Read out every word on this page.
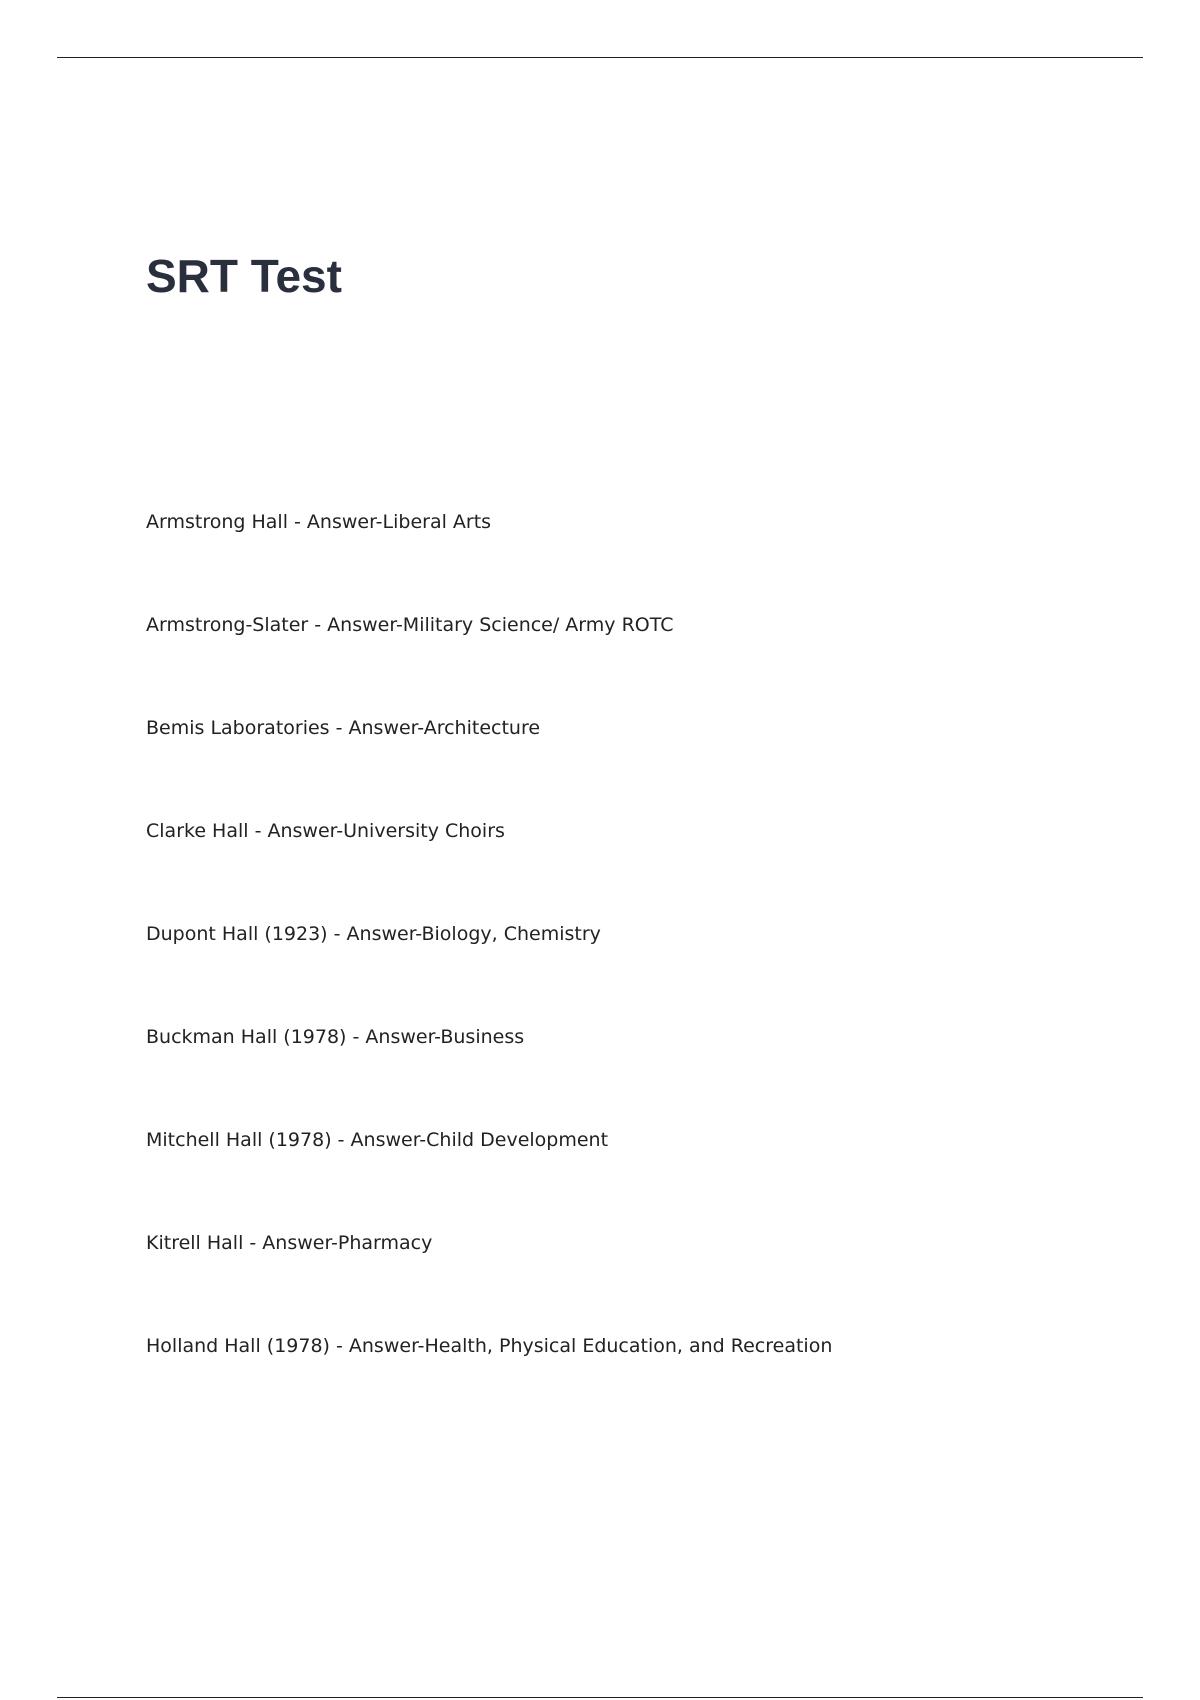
SRT Test
Armstrong Hall - Answer-Liberal Arts
Armstrong-Slater - Answer-Military Science/ Army ROTC
Bemis Laboratories - Answer-Architecture
Clarke Hall - Answer-University Choirs
Dupont Hall (1923) - Answer-Biology, Chemistry
Buckman Hall (1978) - Answer-Business
Mitchell Hall (1978) - Answer-Child Development
Kitrell Hall - Answer-Pharmacy
Holland Hall (1978) - Answer-Health, Physical Education, and Recreation
